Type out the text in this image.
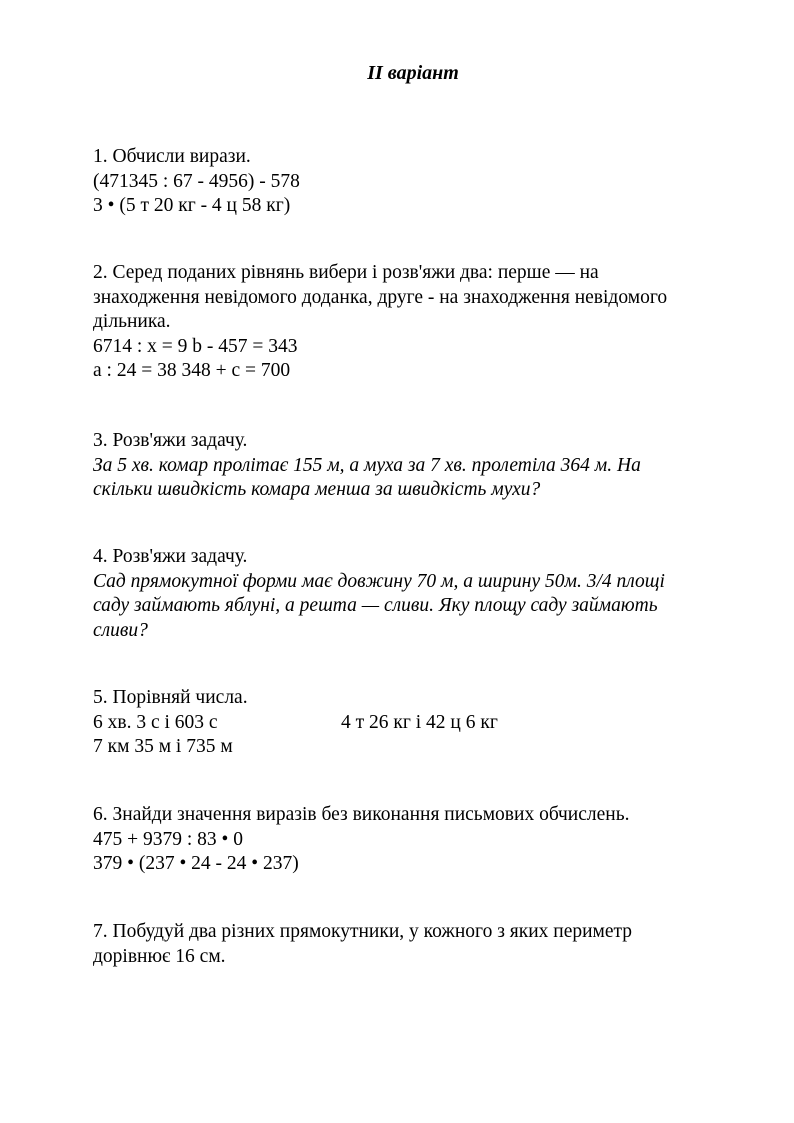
II варіант
1. Обчисли вирази.
(471345 : 67 - 4956) - 578
3 • (5 т 20 кг - 4 ц 58 кг)
2. Серед поданих рівнянь вибери і розв'яжи два: перше — на
знаходження невідомого доданка, друге - на знаходження невідомого
дільника.
6714 : x = 9 b - 457 = 343
a : 24 = 38 348 + c = 700
3. Розв'яжи задачу.
За 5 хв. комар пролітає 155 м, а муха за 7 хв. пролетіла 364 м. На
скільки швидкість комара менша за швидкість мухи?
4. Розв'яжи задачу.
Сад прямокутної форми має довжину 70 м, а ширину 50м. 3/4 площі
саду займають яблуні, а решта — сливи. Яку площу саду займають
сливи?
5. Порівняй числа.
6 хв. 3 с і 603 с	4 т 26 кг і 42 ц 6 кг
7 км 35 м і 735 м
6. Знайди значення виразів без виконання письмових обчислень.
475 + 9379 : 83 • 0
379 • (237 • 24 - 24 • 237)
7. Побудуй два різних прямокутники, у кожного з яких периметр
дорівнює 16 см.
